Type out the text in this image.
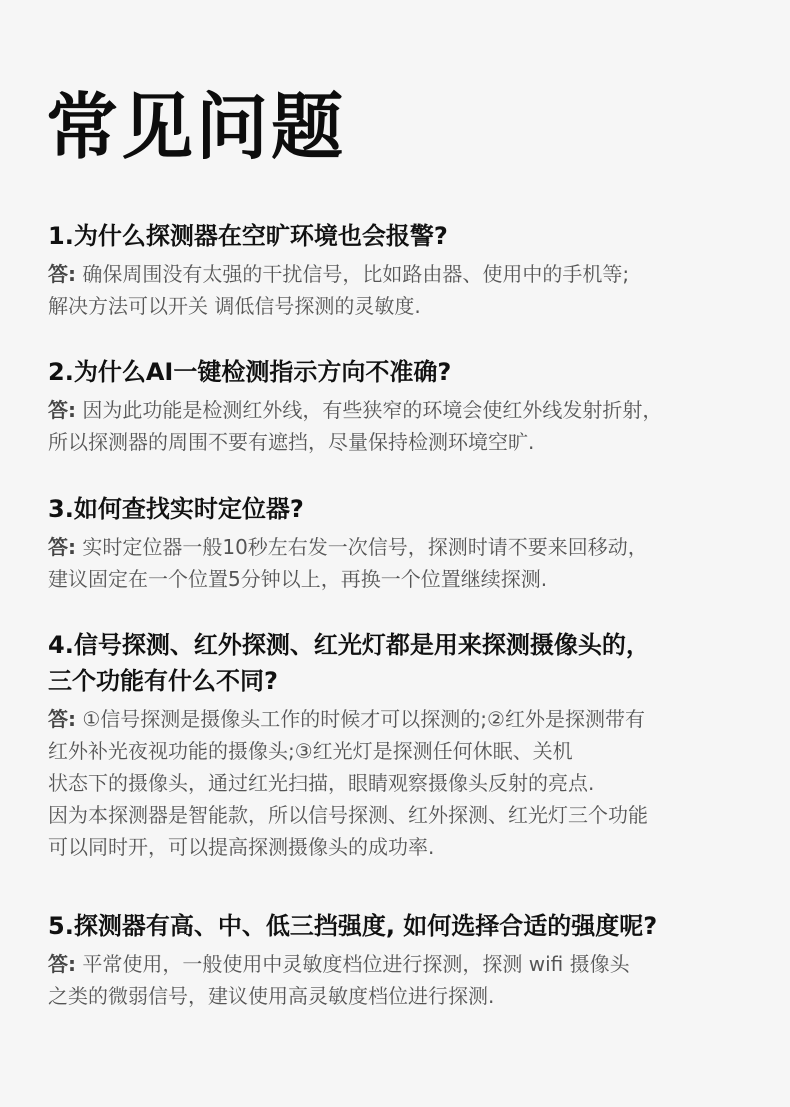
常见问题
1.为什么探测器在空旷环境也会报警?
答: 确保周围没有太强的干扰信号，比如路由器、使用中的手机等;
解决方法可以开关 调低信号探测的灵敏度.
2.为什么AI一键检测指示方向不准确?
答: 因为此功能是检测红外线，有些狭窄的环境会使红外线发射折射，
所以探测器的周围不要有遮挡，尽量保持检测环境空旷.
3.如何查找实时定位器?
答: 实时定位器一般10秒左右发一次信号，探测时请不要来回移动，
建议固定在一个位置5分钟以上，再换一个位置继续探测.
4.信号探测、红外探测、红光灯都是用来探测摄像头的，
三个功能有什么不同?
答: ①信号探测是摄像头工作的时候才可以探测的;②红外是探测带有
红外补光夜视功能的摄像头;③红光灯是探测任何休眠、关机
状态下的摄像头，通过红光扫描，眼睛观察摄像头反射的亮点.
因为本探测器是智能款，所以信号探测、红外探测、红光灯三个功能
可以同时开，可以提高探测摄像头的成功率.
5.探测器有高、中、低三挡强度, 如何选择合适的强度呢?
答: 平常使用，一般使用中灵敏度档位进行探测，探测 wifi 摄像头
之类的微弱信号，建议使用高灵敏度档位进行探测.
